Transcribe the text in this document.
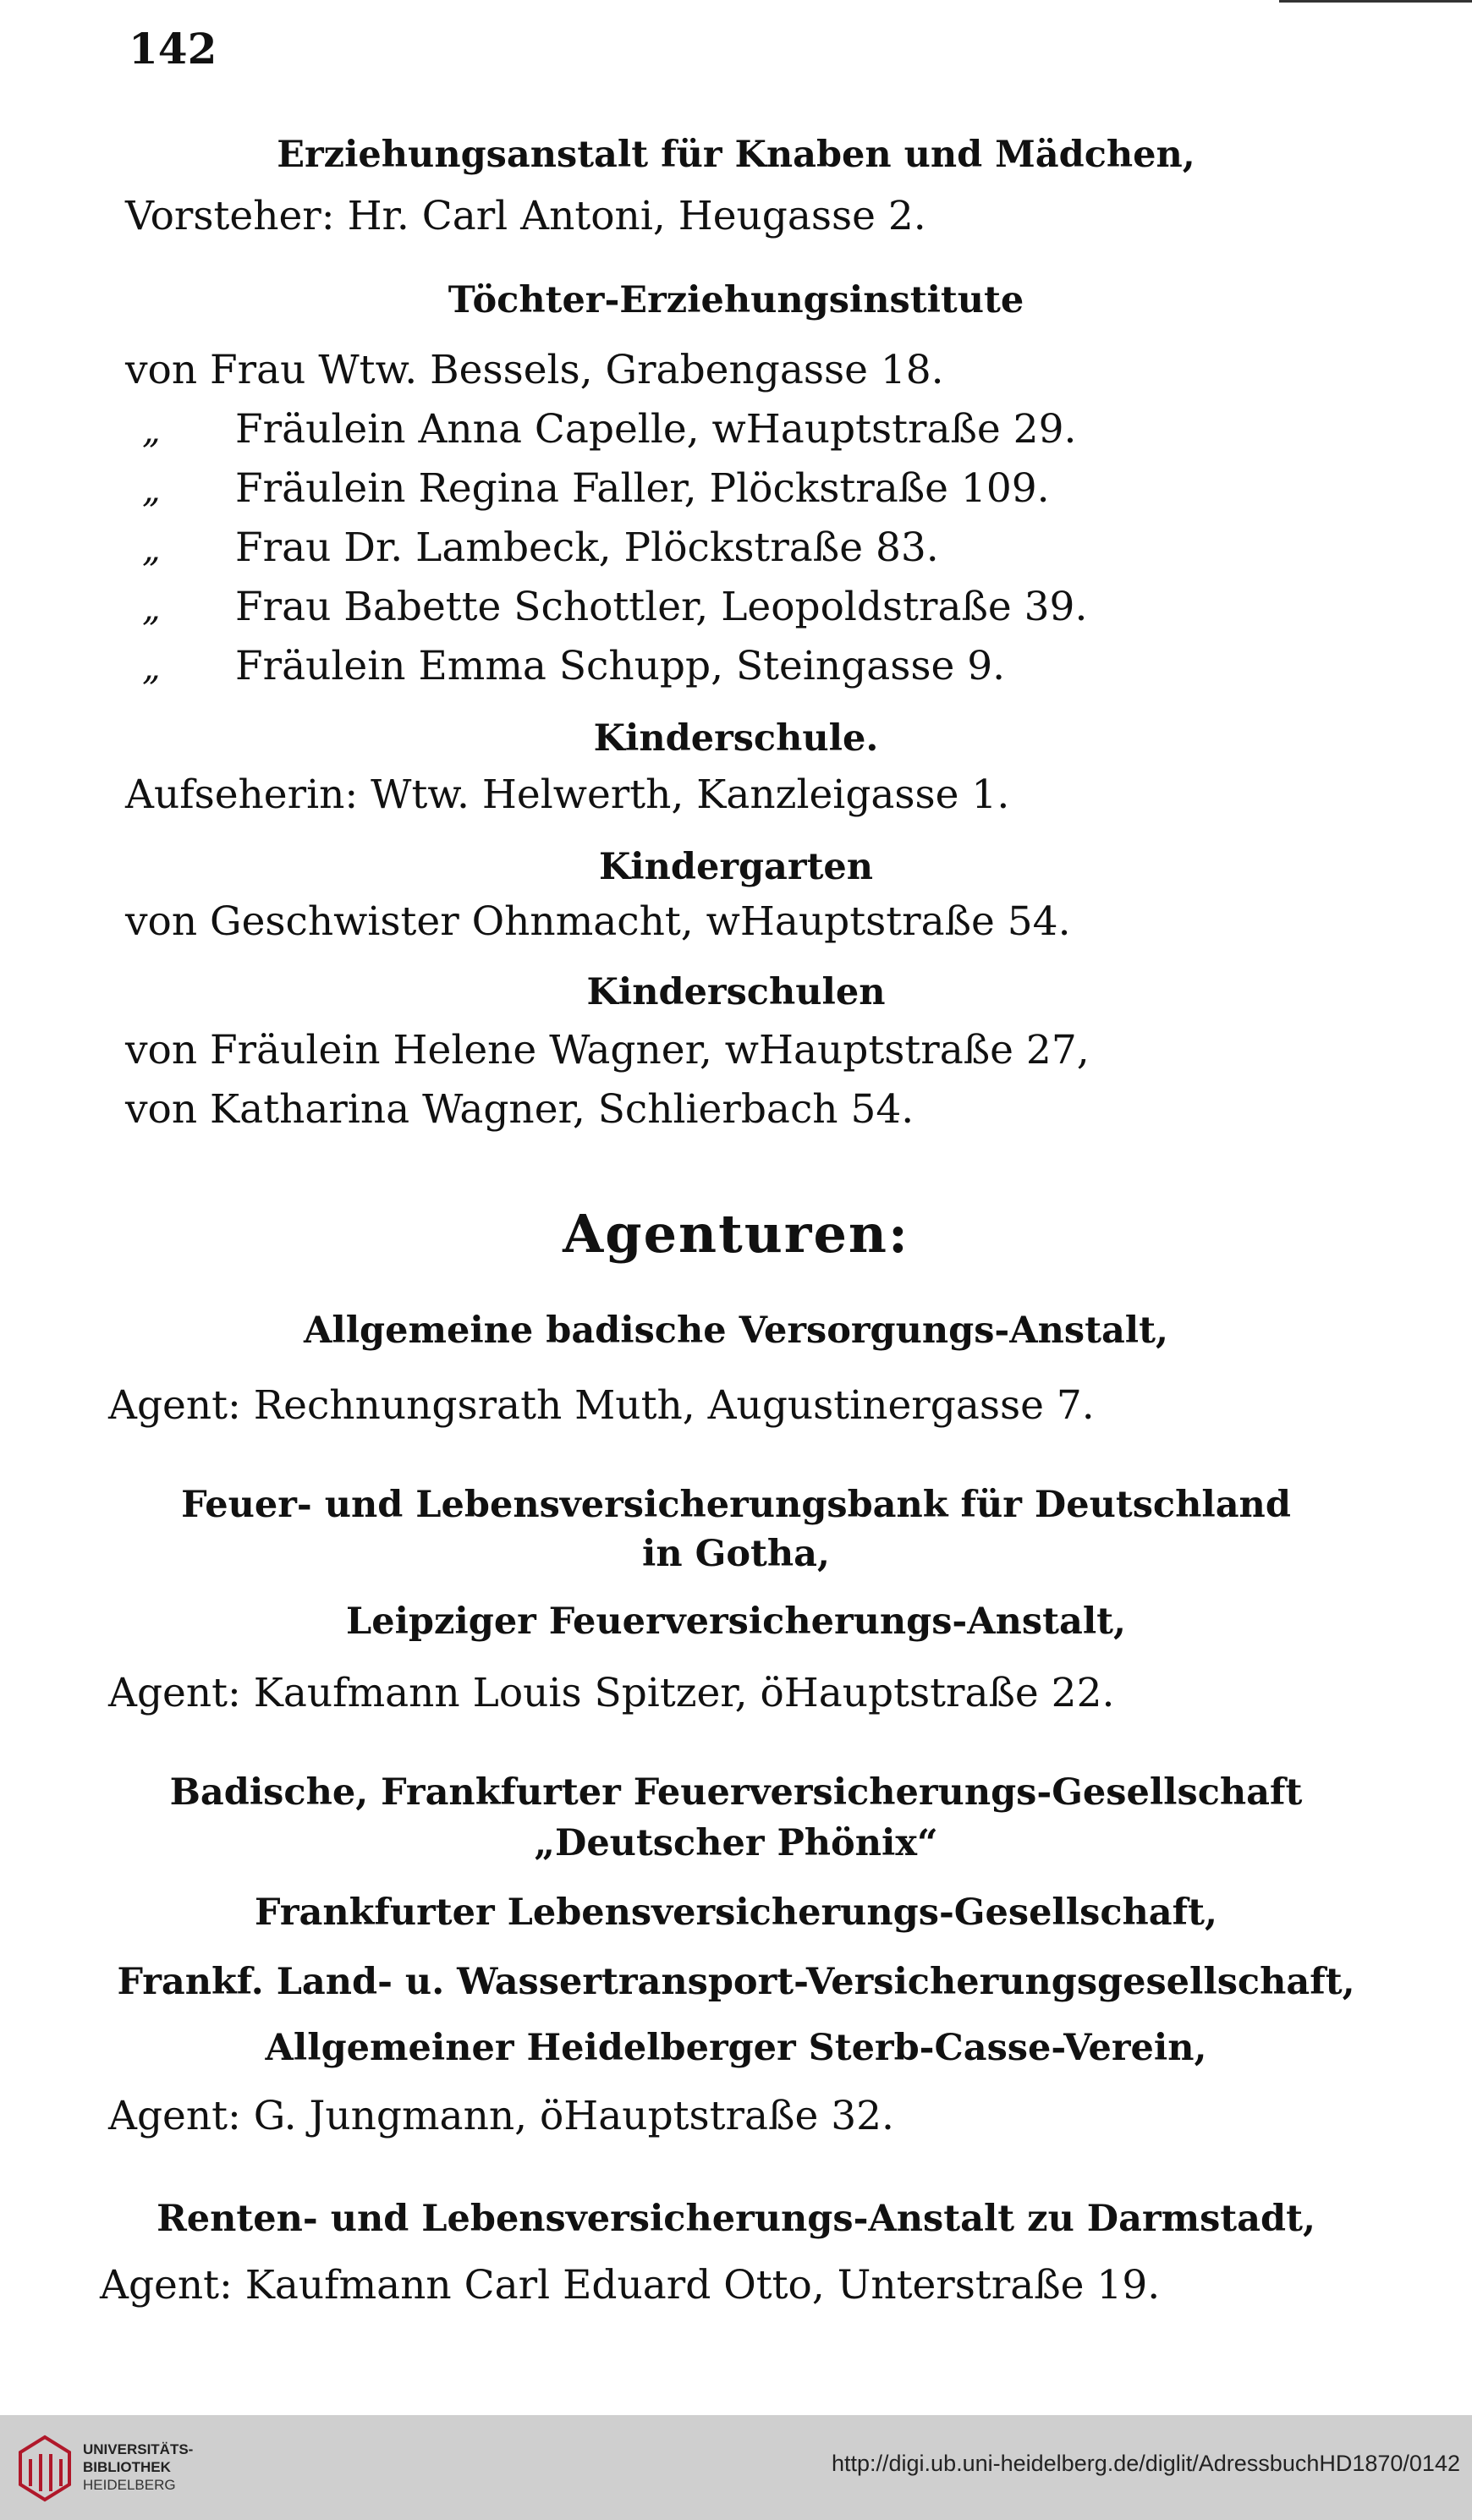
142
Erziehungsanstalt für Knaben und Mädchen,
Vorsteher: Hr. Carl Antoni, Heugasse 2.
Töchter-Erziehungsinstitute
von Frau Wtw. Bessels, Grabengasse 18.
„ Fräulein Anna Capelle, wHauptstraße 29.
„ Fräulein Regina Faller, Plöckstraße 109.
„ Frau Dr. Lambeck, Plöckstraße 83.
„ Frau Babette Schottler, Leopoldstraße 39.
„ Fräulein Emma Schupp, Steingasse 9.
Kinderschule.
Aufseherin: Wtw. Helwerth, Kanzleigasse 1.
Kindergarten
von Geschwister Ohnmacht, wHauptstraße 54.
Kinderschulen
von Fräulein Helene Wagner, wHauptstraße 27,
von Katharina Wagner, Schlierbach 54.
Agenturen:
Allgemeine badische Versorgungs-Anstalt,
Agent: Rechnungsrath Muth, Augustinergasse 7.
Feuer- und Lebensversicherungsbank für Deutschland
in Gotha,
Leipziger Feuerversicherungs-Anstalt,
Agent: Kaufmann Louis Spitzer, öHauptstraße 22.
Badische, Frankfurter Feuerversicherungs-Gesellschaft
„Deutscher Phönix“
Frankfurter Lebensversicherungs-Gesellschaft,
Frankf. Land- u. Wassertransport-Versicherungsgesellschaft,
Allgemeiner Heidelberger Sterb-Casse-Verein,
Agent: G. Jungmann, öHauptstraße 32.
Renten- und Lebensversicherungs-Anstalt zu Darmstadt,
Agent: Kaufmann Carl Eduard Otto, Unterstraße 19.
UNIVERSITÄTS-
BIBLIOTHEK
HEIDELBERG
http://digi.ub.uni-heidelberg.de/diglit/AdressbuchHD1870/0142
